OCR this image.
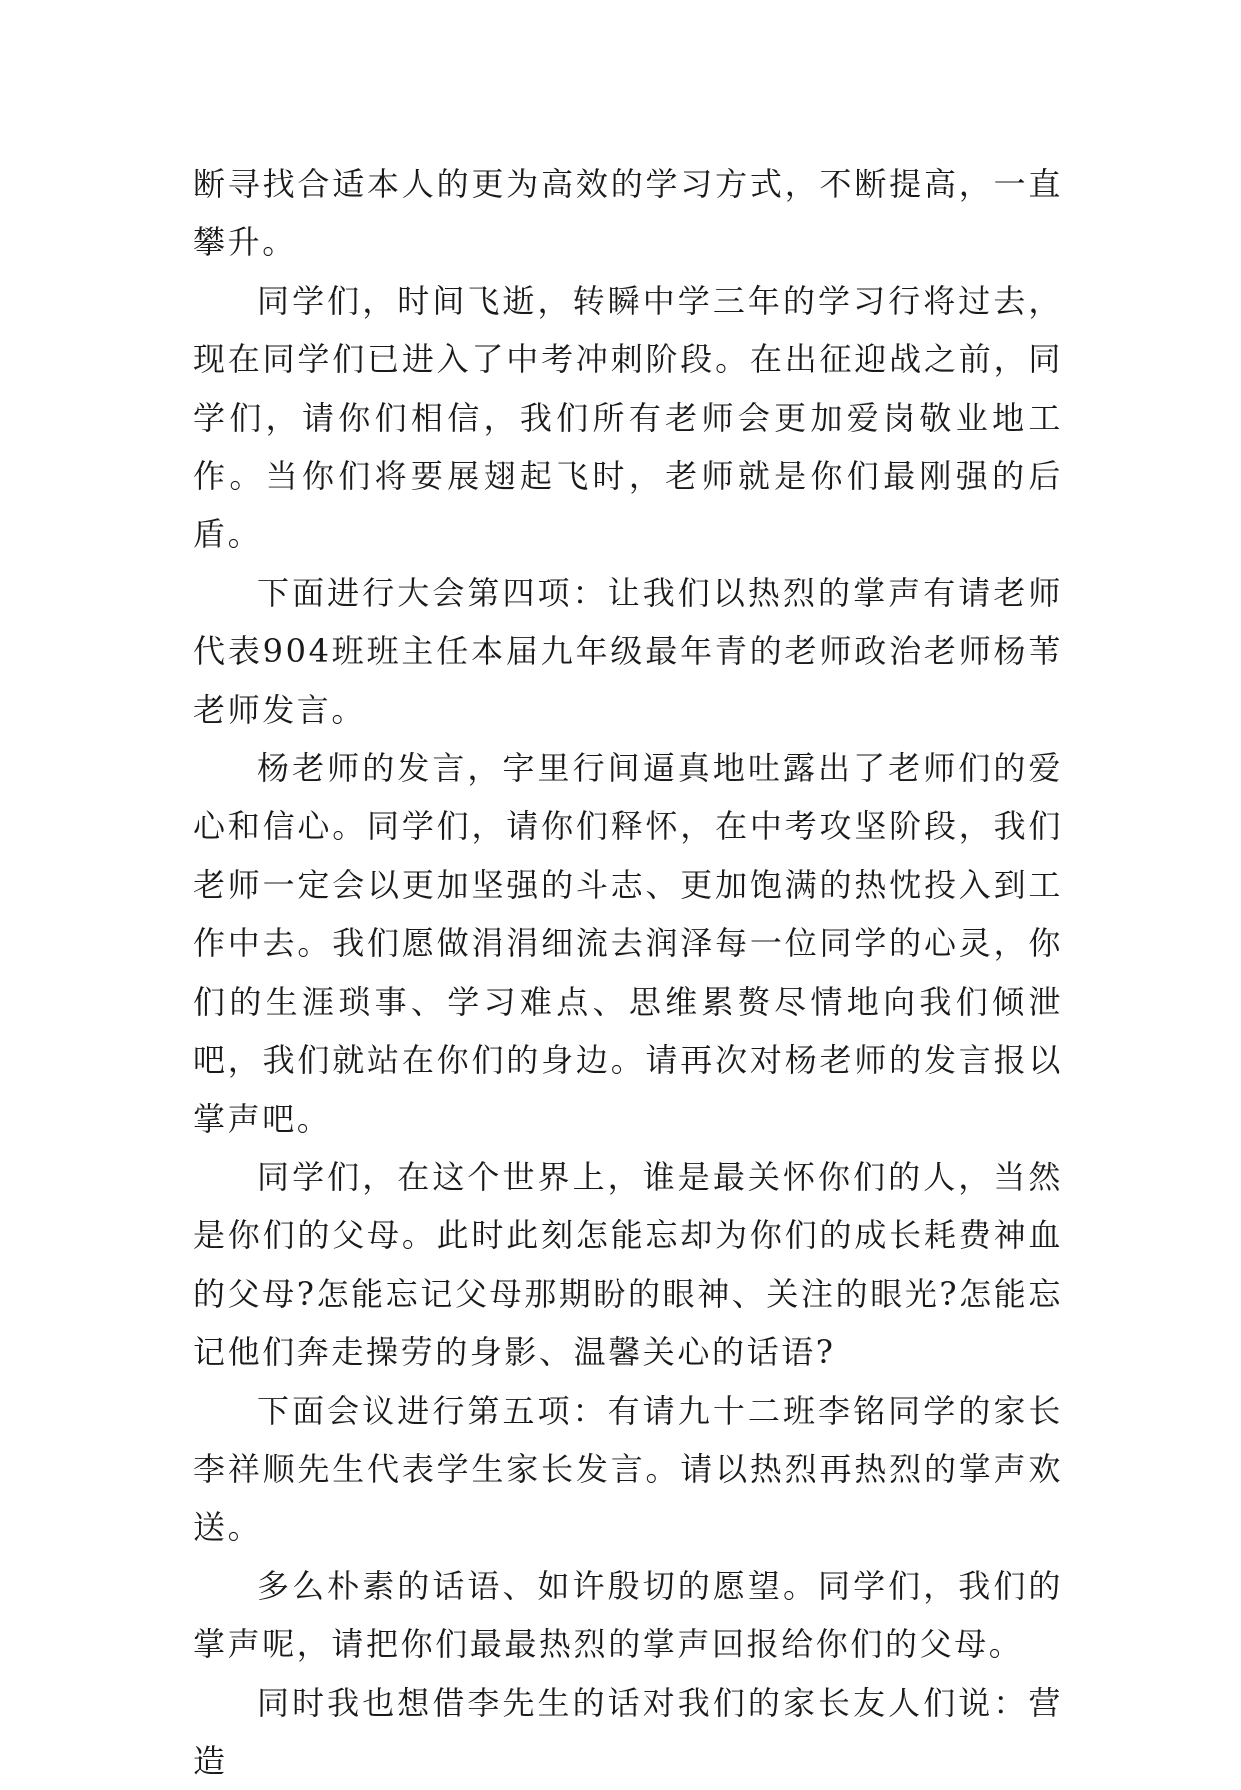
断寻找合适本人的更为高效的学习方式，不断提高，一直攀升。

同学们，时间飞逝，转瞬中学三年的学习行将过去，现在同学们已进入了中考冲刺阶段。在出征迎战之前，同学们，请你们相信，我们所有老师会更加爱岗敬业地工作。当你们将要展翅起飞时，老师就是你们最刚强的后盾。

下面进行大会第四项：让我们以热烈的掌声有请老师代表904班班主任本届九年级最年青的老师政治老师杨苇老师发言。

杨老师的发言，字里行间逼真地吐露出了老师们的爱心和信心。同学们，请你们释怀，在中考攻坚阶段，我们老师一定会以更加坚强的斗志、更加饱满的热忱投入到工作中去。我们愿做涓涓细流去润泽每一位同学的心灵，你们的生涯琐事、学习难点、思维累赘尽情地向我们倾泄吧，我们就站在你们的身边。请再次对杨老师的发言报以掌声吧。

同学们，在这个世界上，谁是最关怀你们的人，当然是你们的父母。此时此刻怎能忘却为你们的成长耗费神血的父母?怎能忘记父母那期盼的眼神、关注的眼光?怎能忘记他们奔走操劳的身影、温馨关心的话语?

下面会议进行第五项：有请九十二班李铭同学的家长李祥顺先生代表学生家长发言。请以热烈再热烈的掌声欢送。

多么朴素的话语、如许殷切的愿望。同学们，我们的掌声呢，请把你们最最热烈的掌声回报给你们的父母。

同时我也想借李先生的话对我们的家长友人们说：营造
